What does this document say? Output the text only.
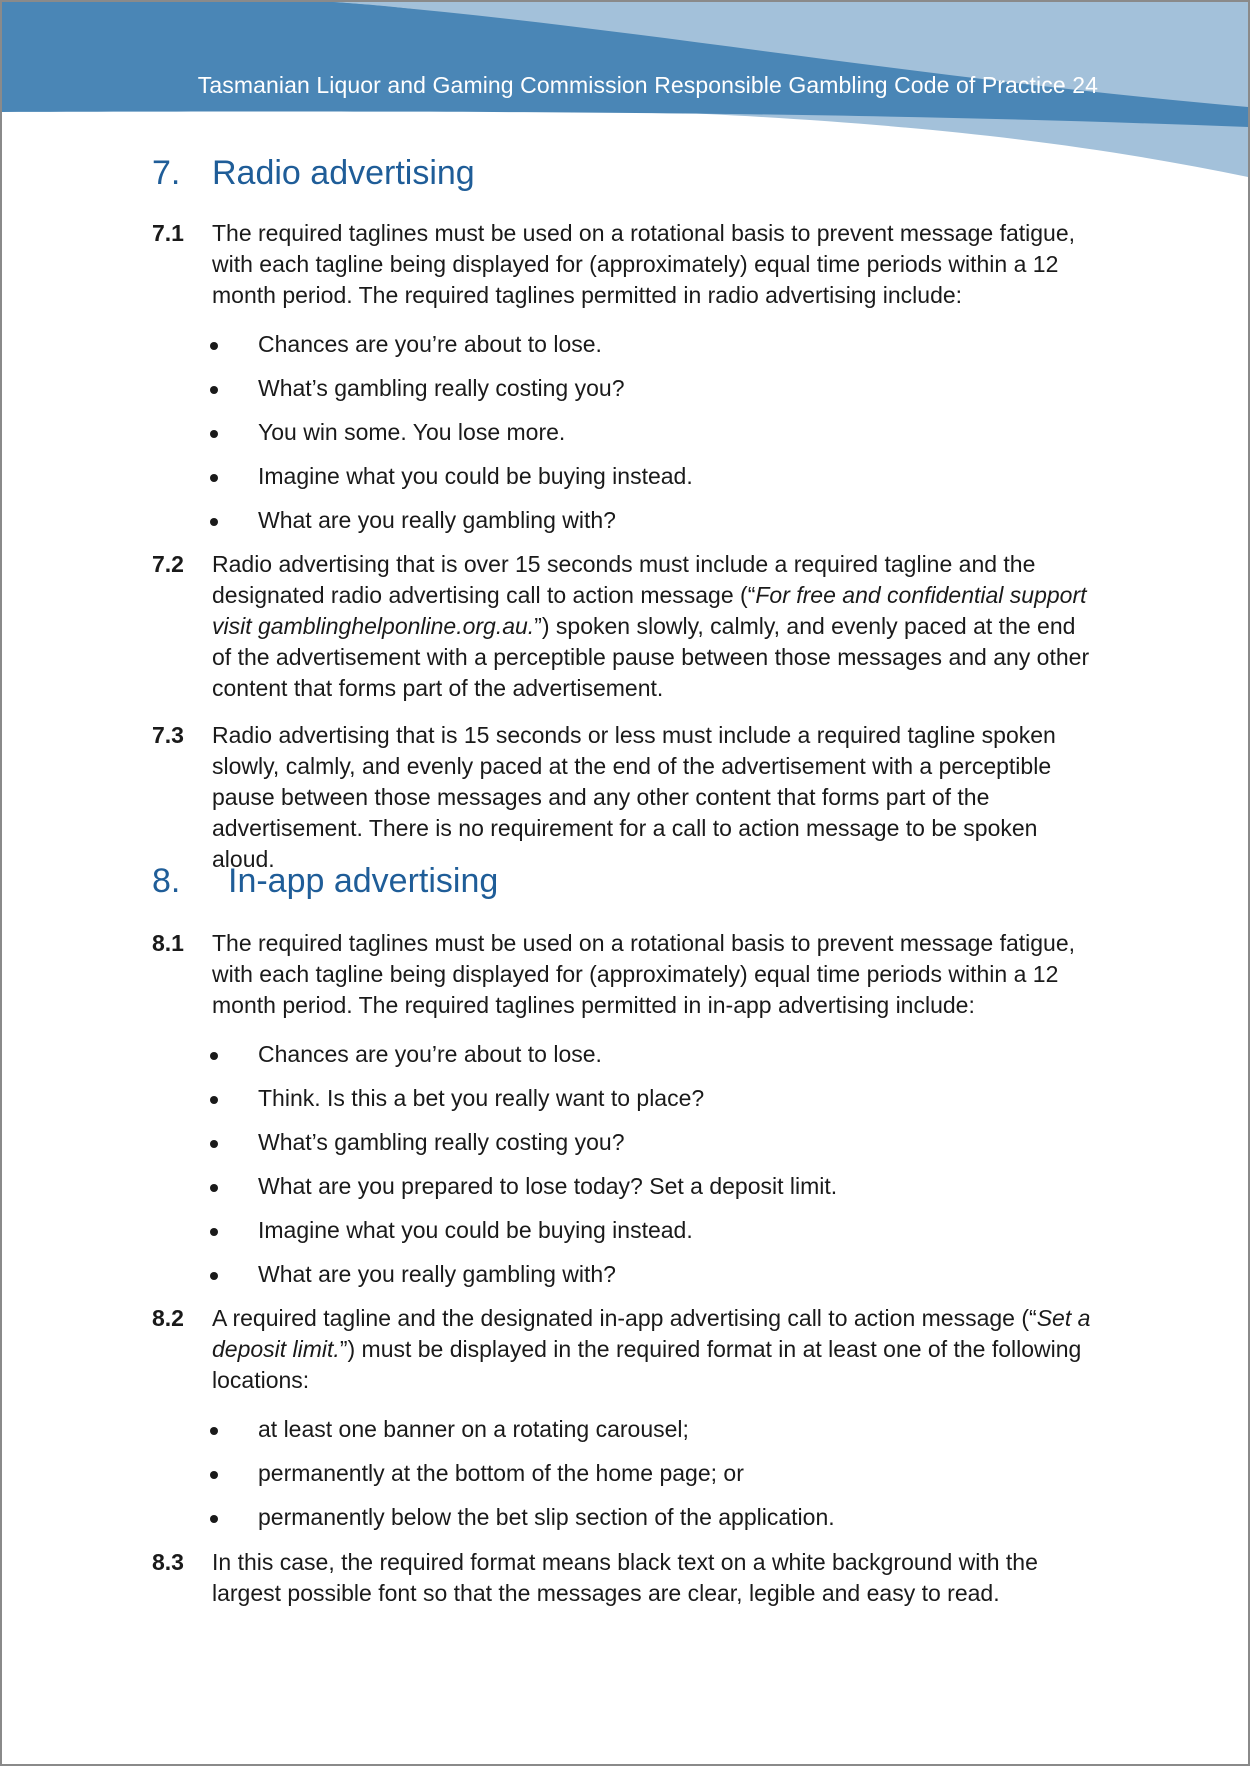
Tasmanian Liquor and Gaming Commission Responsible Gambling Code of Practice 24
7. Radio advertising
7.1	The required taglines must be used on a rotational basis to prevent message fatigue, with each tagline being displayed for (approximately) equal time periods within a 12 month period. The required taglines permitted in radio advertising include:
Chances are you’re about to lose.
What’s gambling really costing you?
You win some. You lose more.
Imagine what you could be buying instead.
What are you really gambling with?
7.2	Radio advertising that is over 15 seconds must include a required tagline and the designated radio advertising call to action message (“For free and confidential support visit gamblinghelponline.org.au.”) spoken slowly, calmly, and evenly paced at the end of the advertisement with a perceptible pause between those messages and any other content that forms part of the advertisement.
7.3	Radio advertising that is 15 seconds or less must include a required tagline spoken slowly, calmly, and evenly paced at the end of the advertisement with a perceptible pause between those messages and any other content that forms part of the advertisement. There is no requirement for a call to action message to be spoken aloud.
8. In-app advertising
8.1	The required taglines must be used on a rotational basis to prevent message fatigue, with each tagline being displayed for (approximately) equal time periods within a 12 month period. The required taglines permitted in in-app advertising include:
Chances are you’re about to lose.
Think. Is this a bet you really want to place?
What’s gambling really costing you?
What are you prepared to lose today? Set a deposit limit.
Imagine what you could be buying instead.
What are you really gambling with?
8.2	A required tagline and the designated in-app advertising call to action message (“Set a deposit limit.”) must be displayed in the required format in at least one of the following locations:
at least one banner on a rotating carousel;
permanently at the bottom of the home page; or
permanently below the bet slip section of the application.
8.3	In this case, the required format means black text on a white background with the largest possible font so that the messages are clear, legible and easy to read.
